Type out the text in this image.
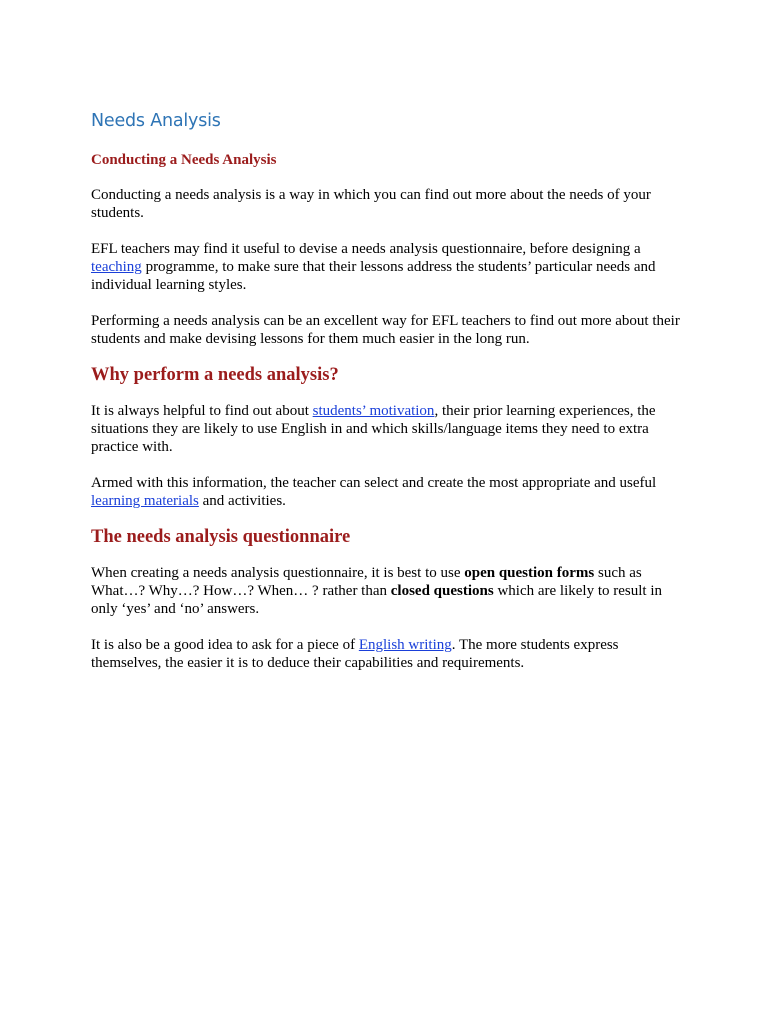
Needs Analysis
Conducting a Needs Analysis

Conducting a needs analysis is a way in which you can find out more about the needs of your students.

EFL teachers may find it useful to devise a needs analysis questionnaire, before designing a teaching programme, to make sure that their lessons address the students’ particular needs and individual learning styles.

Performing a needs analysis can be an excellent way for EFL teachers to find out more about their students and make devising lessons for them much easier in the long run.

Why perform a needs analysis?

It is always helpful to find out about students’ motivation, their prior learning experiences, the situations they are likely to use English in and which skills/language items they need to extra practice with.

Armed with this information, the teacher can select and create the most appropriate and useful learning materials and activities.

The needs analysis questionnaire

When creating a needs analysis questionnaire, it is best to use open question forms such as What…? Why…? How…? When… ? rather than closed questions which are likely to result in only ‘yes’ and ‘no’ answers.

It is also be a good idea to ask for a piece of English writing. The more students express themselves, the easier it is to deduce their capabilities and requirements.
